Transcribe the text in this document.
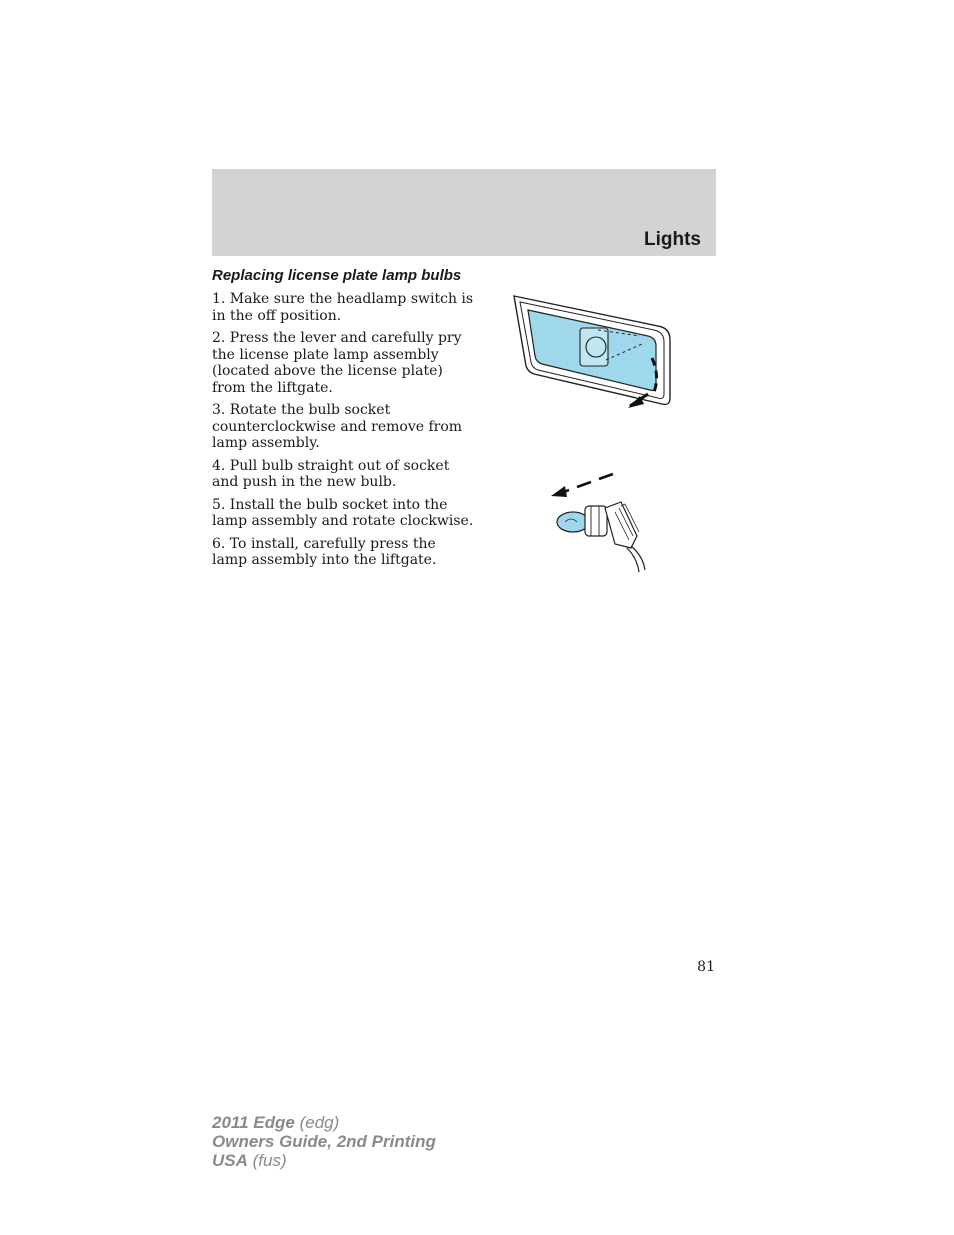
Lights
Replacing license plate lamp bulbs

1. Make sure the headlamp switch is in the off position.

2. Press the lever and carefully pry the license plate lamp assembly (located above the license plate) from the liftgate.

3. Rotate the bulb socket counterclockwise and remove from lamp assembly.

4. Pull bulb straight out of socket and push in the new bulb.

5. Install the bulb socket into the lamp assembly and rotate clockwise.

6. To install, carefully press the lamp assembly into the liftgate.

81
2011 Edge (edg)
Owners Guide, 2nd Printing
USA (fus)
